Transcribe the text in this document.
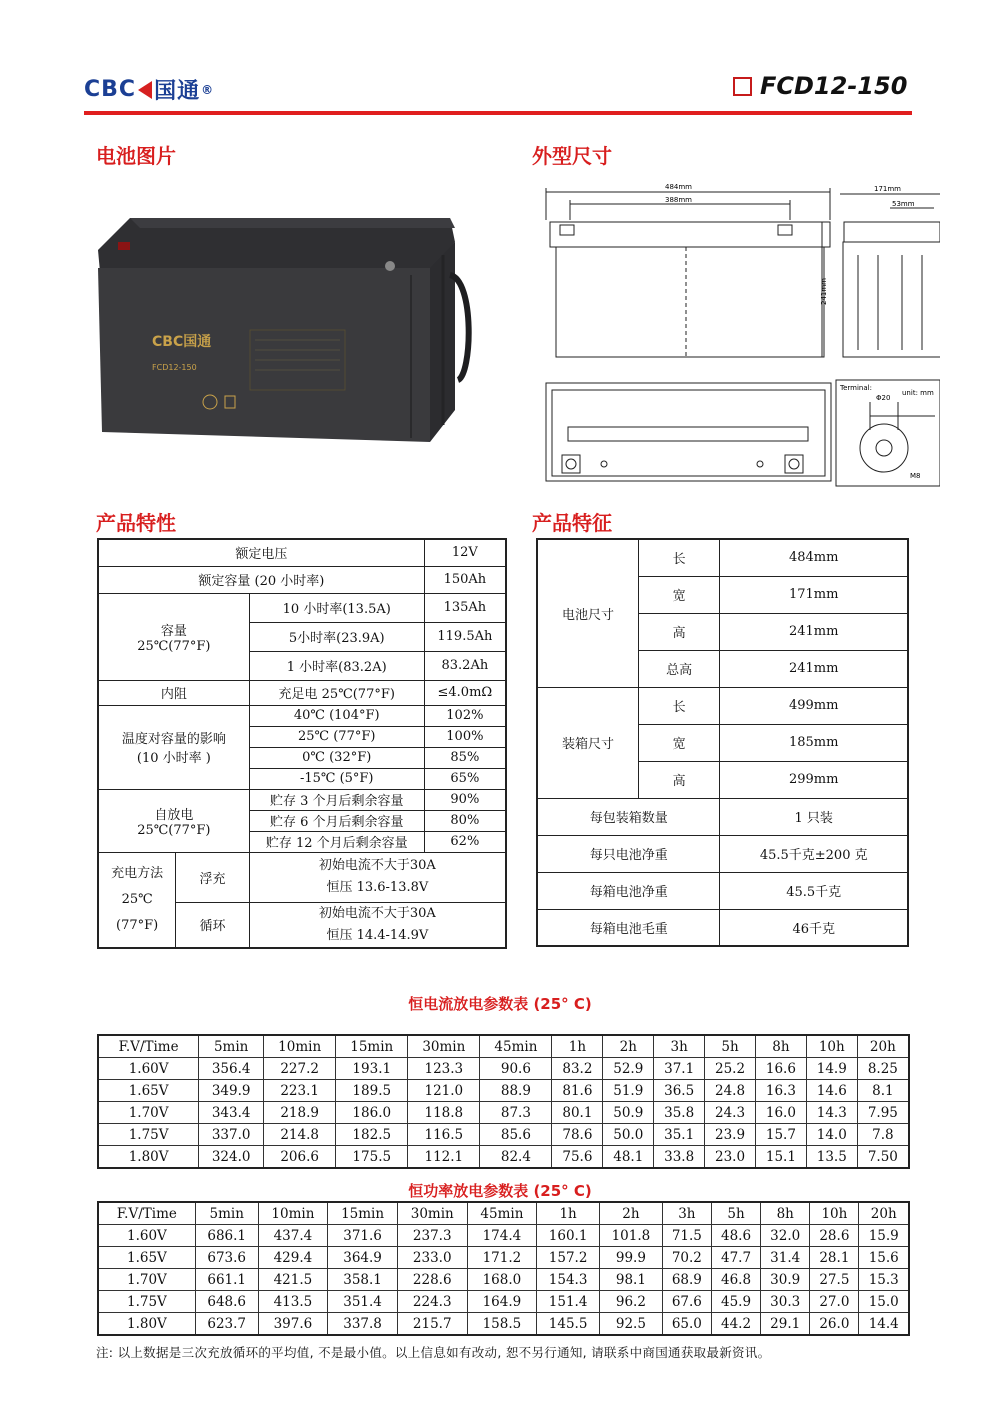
CBC 国通 ®	FCD12-150
电池图片	外型尺寸
产品特性	产品特征
CBC国通
FCD12-150
484mm
388mm
241mm
171mm
53mm
Terminal:
unit: mm
Φ20
M8
额定电压			12V
额定容量 (20 小时率)			150Ah
容量
25℃(77°F)		10 小时率(13.5A)	135Ah
		5小时率(23.9A)	119.5Ah
		1 小时率(83.2A)	83.2Ah
内阻		充足电 25℃(77°F)	≤4.0mΩ
温度对容量的影响
(10 小时率 )		40℃ (104°F)	102%
		25℃ (77°F)	100%
		0℃ (32°F)	85%
		-15℃ (5°F)	65%
自放电
25℃(77°F)		贮存 3 个月后剩余容量	90%
		贮存 6 个月后剩余容量	80%
		贮存 12 个月后剩余容量	62%
充电方法
25℃
(77°F)	浮充	初始电流不大于30A
恒压 13.6-13.8V	
	循环	初始电流不大于30A
恒压 14.4-14.9V	
电池尺寸	长	484mm
	宽	171mm
	高	241mm
	总高	241mm
装箱尺寸	长	499mm
	宽	185mm
	高	299mm
每包装箱数量		1 只装
每只电池净重		45.5千克±200 克
每箱电池净重		45.5千克
每箱电池毛重		46千克
恒电流放电参数表 (25° C)
F.V/Time	5min	10min	15min	30min	45min	1h	2h	3h	5h	8h	10h	20h
1.60V	356.4	227.2	193.1	123.3	90.6	83.2	52.9	37.1	25.2	16.6	14.9	8.25
1.65V	349.9	223.1	189.5	121.0	88.9	81.6	51.9	36.5	24.8	16.3	14.6	8.1
1.70V	343.4	218.9	186.0	118.8	87.3	80.1	50.9	35.8	24.3	16.0	14.3	7.95
1.75V	337.0	214.8	182.5	116.5	85.6	78.6	50.0	35.1	23.9	15.7	14.0	7.8
1.80V	324.0	206.6	175.5	112.1	82.4	75.6	48.1	33.8	23.0	15.1	13.5	7.50
恒功率放电参数表 (25° C)
F.V/Time	5min	10min	15min	30min	45min	1h	2h	3h	5h	8h	10h	20h
1.60V	686.1	437.4	371.6	237.3	174.4	160.1	101.8	71.5	48.6	32.0	28.6	15.9
1.65V	673.6	429.4	364.9	233.0	171.2	157.2	99.9	70.2	47.7	31.4	28.1	15.6
1.70V	661.1	421.5	358.1	228.6	168.0	154.3	98.1	68.9	46.8	30.9	27.5	15.3
1.75V	648.6	413.5	351.4	224.3	164.9	151.4	96.2	67.6	45.9	30.3	27.0	15.0
1.80V	623.7	397.6	337.8	215.7	158.5	145.5	92.5	65.0	44.2	29.1	26.0	14.4
注: 以上数据是三次充放循环的平均值, 不是最小值。以上信息如有改动, 恕不另行通知, 请联系中商国通获取最新资讯。
